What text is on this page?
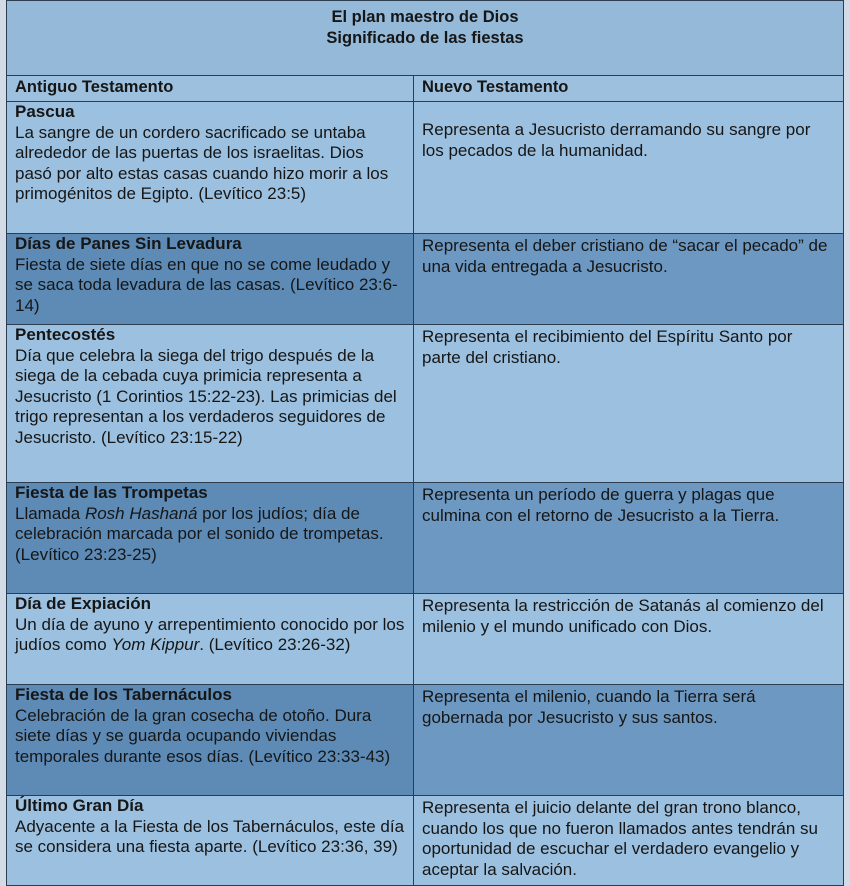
El plan maestro de Dios
Significado de las fiestas	

Antiguo Testamento	Nuevo Testamento

Pascua
La sangre de un cordero sacrificado se untaba alrededor de las puertas de los israelitas. Dios pasó por alto estas casas cuando hizo morir a los primogénitos de Egipto. (Levítico 23:5)	Representa a Jesucristo derramando su sangre por los pecados de la humanidad.

Días de Panes Sin Levadura
Fiesta de siete días en que no se come leudado y se saca toda levadura de las casas. (Levítico 23:6-14)	Representa el deber cristiano de “sacar el pecado” de una vida entregada a Jesucristo.

Pentecostés
Día que celebra la siega del trigo después de la siega de la cebada cuya primicia representa a Jesucristo (1 Corintios 15:22-23). Las primicias del trigo representan a los verdaderos seguidores de Jesucristo. (Levítico 23:15-22)	Representa el recibimiento del Espíritu Santo por parte del cristiano.

Fiesta de las Trompetas
Llamada Rosh Hashaná por los judíos; día de celebración marcada por el sonido de trompetas. (Levítico 23:23-25)	Representa un período de guerra y plagas que culmina con el retorno de Jesucristo a la Tierra.

Día de Expiación
Un día de ayuno y arrepentimiento conocido por los judíos como Yom Kippur. (Levítico 23:26-32)	Representa la restricción de Satanás al comienzo del milenio y el mundo unificado con Dios.

Fiesta de los Tabernáculos
Celebración de la gran cosecha de otoño. Dura siete días y se guarda ocupando viviendas temporales durante esos días. (Levítico 23:33-43)	Representa el milenio, cuando la Tierra será gobernada por Jesucristo y sus santos.

Último Gran Día
Adyacente a la Fiesta de los Tabernáculos, este día se considera una fiesta aparte. (Levítico 23:36, 39)	Representa el juicio delante del gran trono blanco, cuando los que no fueron llamados antes tendrán su oportunidad de escuchar el verdadero evangelio y aceptar la salvación.
